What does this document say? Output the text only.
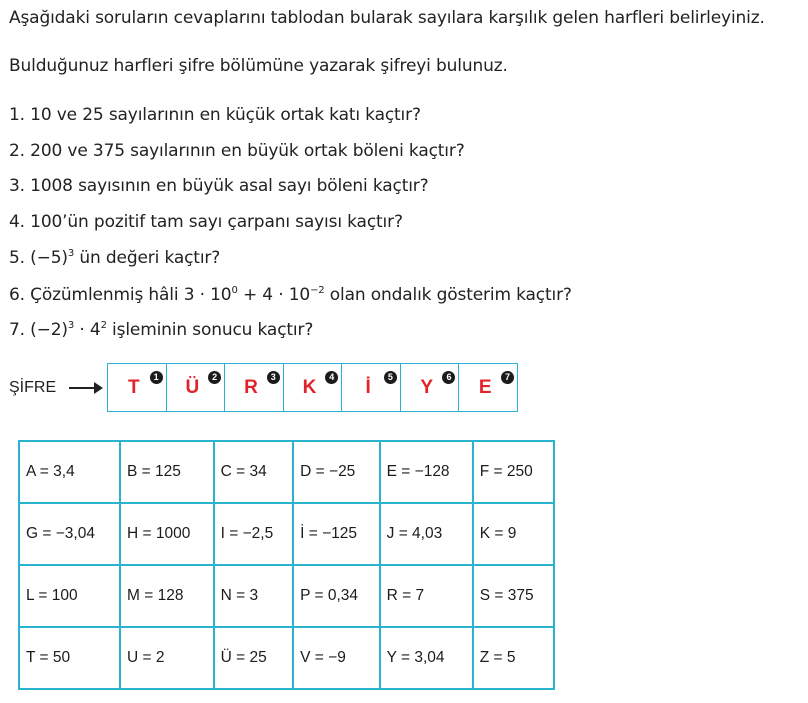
Aşağıdaki soruların cevaplarını tablodan bularak sayılara karşılık gelen harfleri belirleyiniz.
Bulduğunuz harfleri şifre bölümüne yazarak şifreyi bulunuz.
1. 10 ve 25 sayılarının en küçük ortak katı kaçtır?
2. 200 ve 375 sayılarının en büyük ortak böleni kaçtır?
3. 1008 sayısının en büyük asal sayı böleni kaçtır?
4. 100’ün pozitif tam sayı çarpanı sayısı kaçtır?
5. $(-5)^3$ ün değeri kaçtır?
6. Çözümlenmiş hâli $3 \cdot 10^0 + 4 \cdot 10^{-2}$ olan ondalık gösterim kaçtır?
7. $(-2)^3 \cdot 4^2$ işleminin sonucu kaçtır?
ŞİFRE	T	1	Ü	2	R	3	K	4	İ	5	Y	6	E	7
A = 3,4	B = 125	C = 34	D = −25	E = −128	F = 250
G = −3,04	H = 1000	I = −2,5	İ = −125	J = 4,03	K = 9
L = 100	M = 128	N = 3	P = 0,34	R = 7	S = 375
T = 50	U = 2	Ü = 25	V = −9	Y = 3,04	Z = 5
